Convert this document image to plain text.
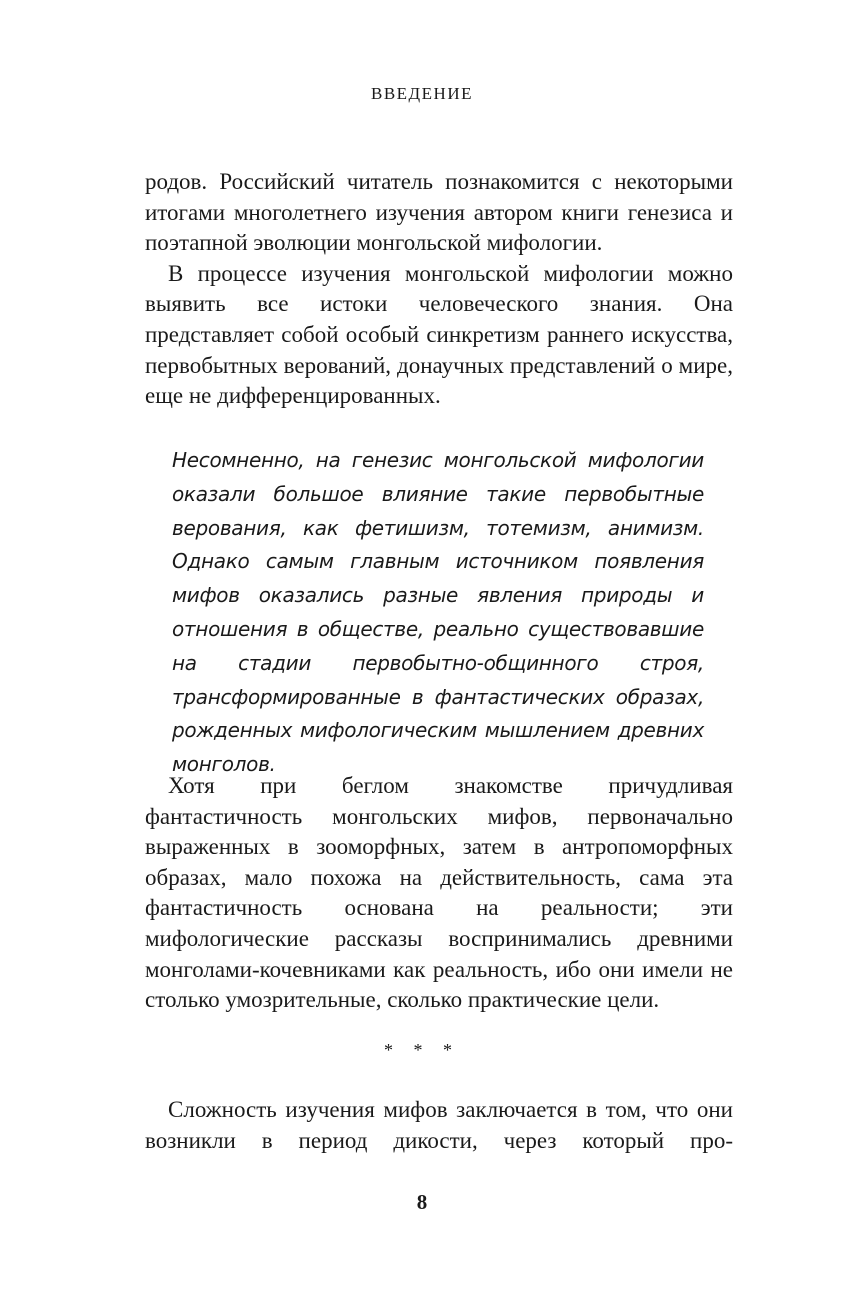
ВВЕДЕНИЕ

родов. Российский читатель познакомится с некоторыми итогами многолетнего изучения автором книги генезиса и поэтапной эволюции монгольской мифологии.

В процессе изучения монгольской мифологии можно выявить все истоки человеческого знания. Она представляет собой особый синкретизм раннего искусства, первобытных верований, донаучных представлений о мире, еще не дифференцированных.

Несомненно, на генезис монгольской мифологии оказали большое влияние такие первобытные верования, как фетишизм, тотемизм, анимизм. Однако самым главным источником появления мифов оказались разные явления природы и отношения в обществе, реально существовавшие на стадии первобытно-общинного строя, трансформированные в фантастических образах, рожденных мифологическим мышлением древних монголов.

Хотя при беглом знакомстве причудливая фантастичность монгольских мифов, первоначально выраженных в зооморфных, затем в антропоморфных образах, мало похожа на действительность, сама эта фантастичность основана на реальности; эти мифологические рассказы воспринимались древними монголами-кочевниками как реальность, ибо они имели не столько умозрительные, сколько практические цели.

* * *

Сложность изучения мифов заключается в том, что они возникли в период дикости, через который про-

8
